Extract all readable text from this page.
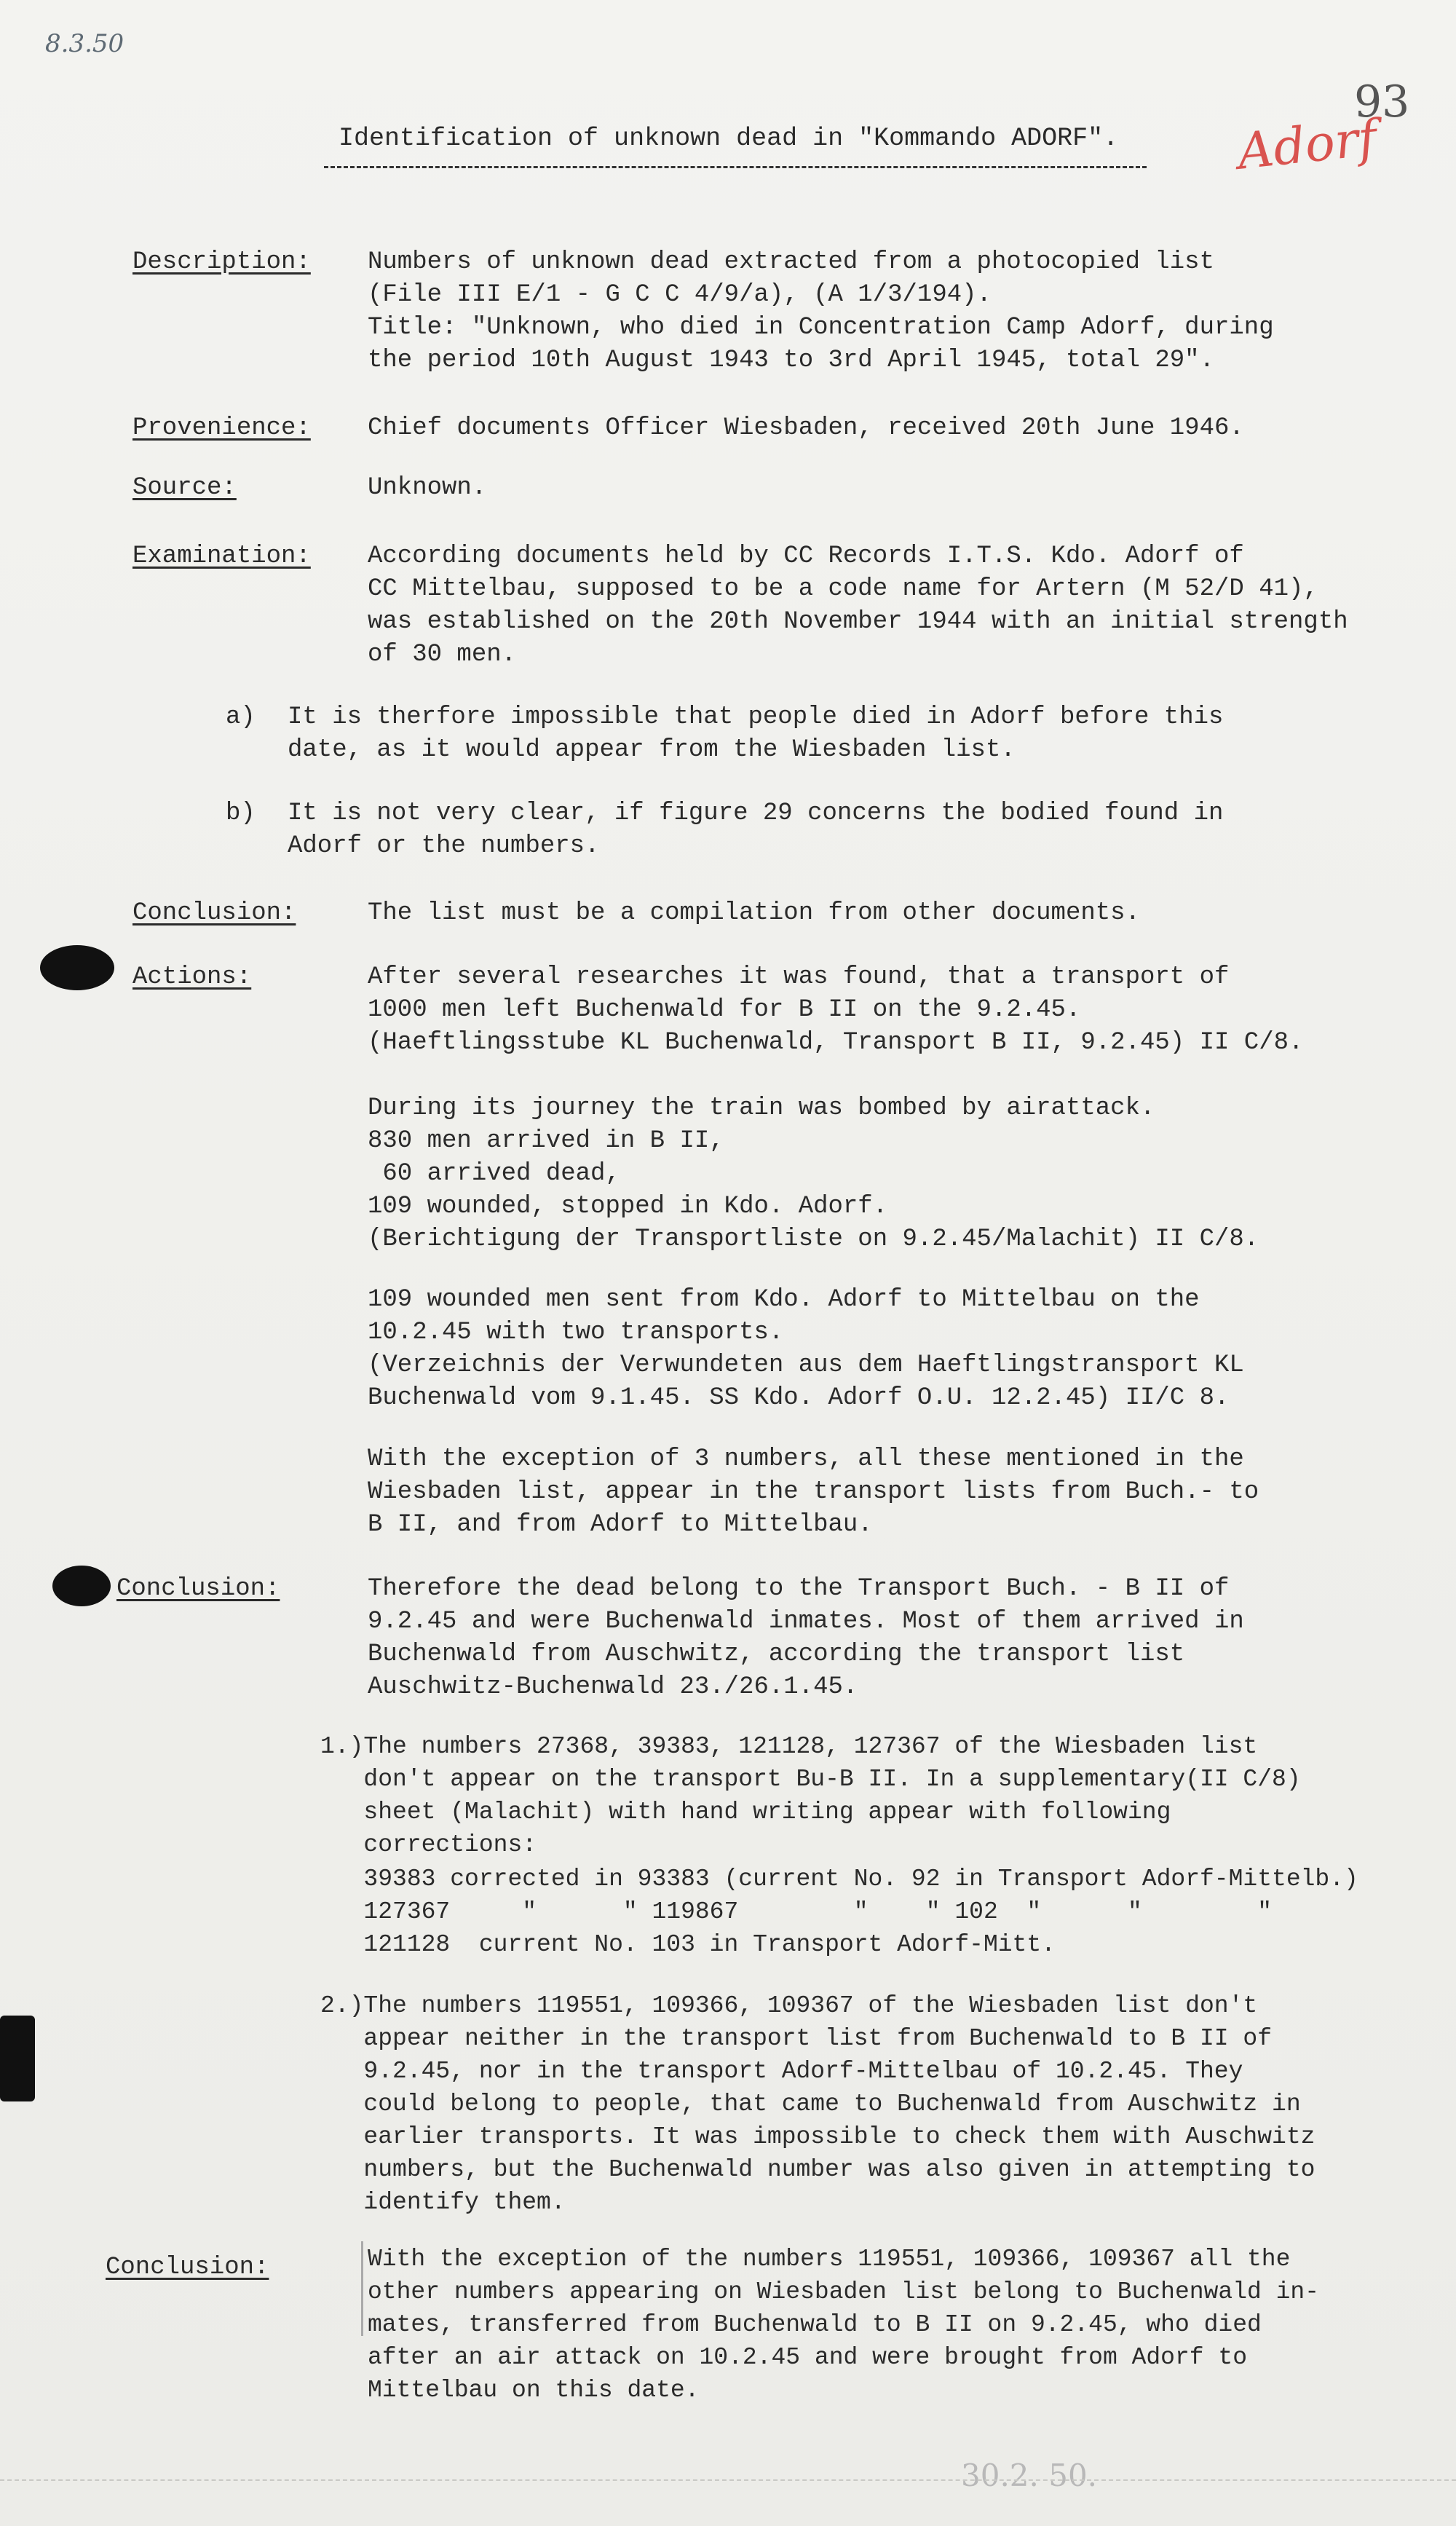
8.3.50
93
Adorf
Identification of unknown dead in "Kommando ADORF".
Description: Numbers of unknown dead extracted from a photocopied list
(File III E/1 - G C C 4/9/a), (A 1/3/194).
Title: "Unknown, who died in Concentration Camp Adorf, during
the period 10th August 1943 to 3rd April 1945, total 29".
Provenience: Chief documents Officer Wiesbaden, received 20th June 1946.
Source:	Unknown.
Examination: According documents held by CC Records I.T.S. Kdo. Adorf of
CC Mittelbau, supposed to be a code name for Artern (M 52/D 41),
was established on the 20th November 1944 with an initial strength
of 30 men.
a) It is therfore impossible that people died in Adorf before this
date, as it would appear from the Wiesbaden list.
b) It is not very clear, if figure 29 concerns the bodied found in
Adorf or the numbers.
Conclusion:	The list must be a compilation from other documents.
Actions:	After several researches it was found, that a transport of
1000 men left Buchenwald for B II on the 9.2.45.
(Haeftlingsstube KL Buchenwald, Transport B II, 9.2.45) II C/8.
During its journey the train was bombed by airattack.
830 men arrived in B II,
60 arrived dead,
109 wounded, stopped in Kdo. Adorf.
(Berichtigung der Transportliste on 9.2.45/Malachit) II C/8.
109 wounded men sent from Kdo. Adorf to Mittelbau on the
10.2.45 with two transports.
(Verzeichnis der Verwundeten aus dem Haeftlingstransport KL
Buchenwald vom 9.1.45. SS Kdo. Adorf O.U. 12.2.45) II/C 8.
With the exception of 3 numbers, all these mentioned in the
Wiesbaden list, appear in the transport lists from Buch.- to
B II, and from Adorf to Mittelbau.
Conclusion:	Therefore the dead belong to the Transport Buch. - B II of
9.2.45 and were Buchenwald inmates. Most of them arrived in
Buchenwald from Auschwitz, according the transport list
Auschwitz-Buchenwald 23./26.1.45.
1.)The numbers 27368, 39383, 121128, 127367 of the Wiesbaden list
don't appear on the transport Bu-B II. In a supplementary(II C/8)
sheet (Malachit) with hand writing appear with following
corrections:
39383 corrected in 93383 (current No. 92 in Transport Adorf-Mittelb.)
127367     "      " 119867        "    " 102  "      "        "
121128  current No. 103 in Transport Adorf-Mitt.
2.)The numbers 119551, 109366, 109367 of the Wiesbaden list don't
appear neither in the transport list from Buchenwald to B II of
9.2.45, nor in the transport Adorf-Mittelbau of 10.2.45. They
could belong to people, that came to Buchenwald from Auschwitz in
earlier transports. It was impossible to check them with Auschwitz
numbers, but the Buchenwald number was also given in attempting to
identify them.
Conclusion:	With the exception of the numbers 119551, 109366, 109367 all the
other numbers appearing on Wiesbaden list belong to Buchenwald in-
mates, transferred from Buchenwald to B II on 9.2.45, who died
after an air attack on 10.2.45 and were brought from Adorf to
Mittelbau on this date.
30.2. 50.
